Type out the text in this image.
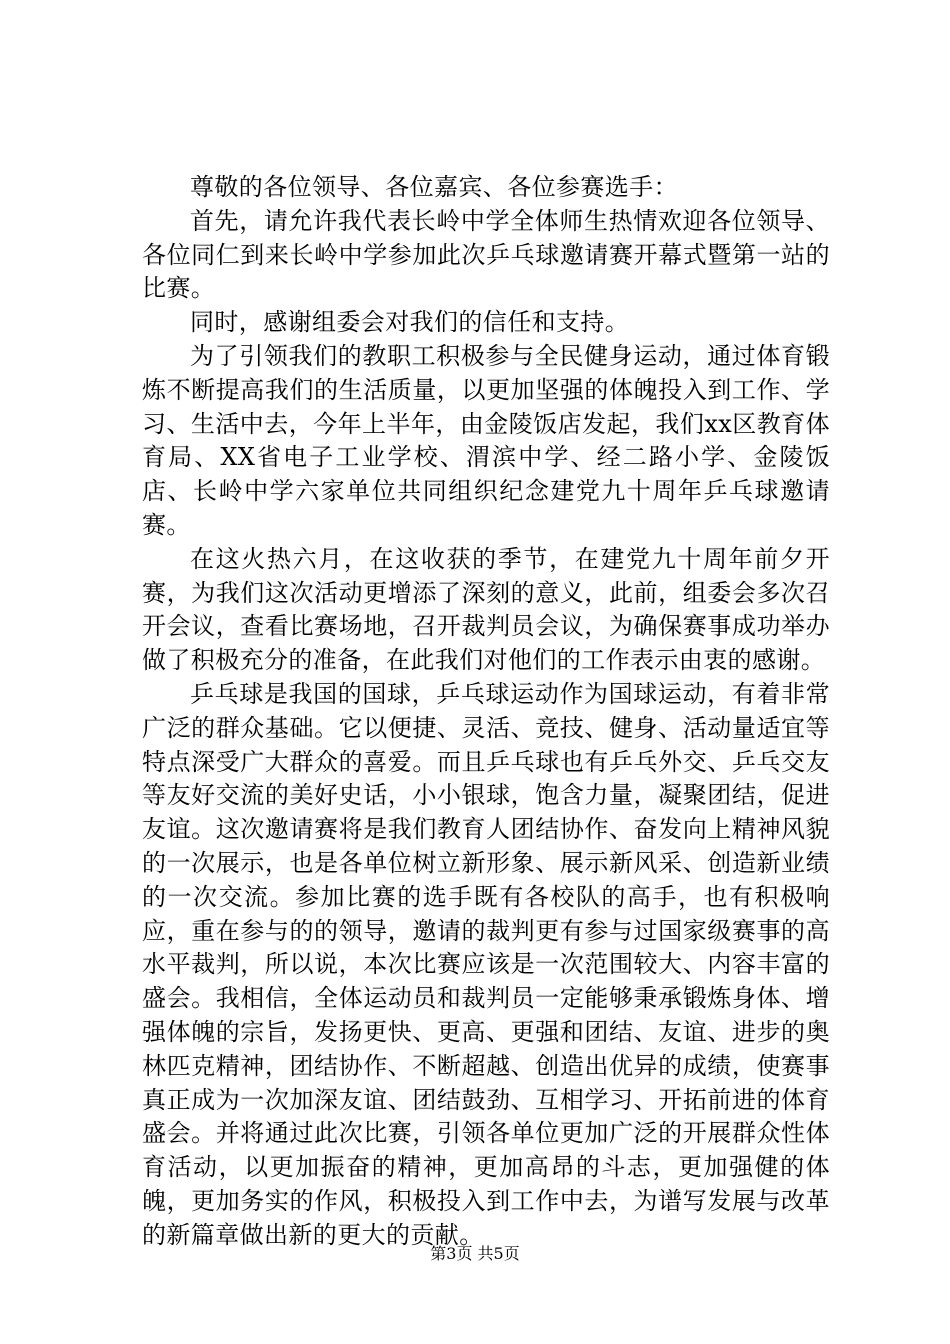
尊敬的各位领导、各位嘉宾、各位参赛选手：

首先，请允许我代表长岭中学全体师生热情欢迎各位领导、各位同仁到来长岭中学参加此次乒乓球邀请赛开幕式暨第一站的比赛。

同时，感谢组委会对我们的信任和支持。

为了引领我们的教职工积极参与全民健身运动，通过体育锻炼不断提高我们的生活质量，以更加坚强的体魄投入到工作、学习、生活中去，今年上半年，由金陵饭店发起，我们xx区教育体育局、XX省电子工业学校、渭滨中学、经二路小学、金陵饭店、长岭中学六家单位共同组织纪念建党九十周年乒乓球邀请赛。

在这火热六月，在这收获的季节，在建党九十周年前夕开赛，为我们这次活动更增添了深刻的意义，此前，组委会多次召开会议，查看比赛场地，召开裁判员会议，为确保赛事成功举办做了积极充分的准备，在此我们对他们的工作表示由衷的感谢。

乒乓球是我国的国球，乒乓球运动作为国球运动，有着非常广泛的群众基础。它以便捷、灵活、竞技、健身、活动量适宜等特点深受广大群众的喜爱。而且乒乓球也有乒乓外交、乒乓交友等友好交流的美好史话，小小银球，饱含力量，凝聚团结，促进友谊。这次邀请赛将是我们教育人团结协作、奋发向上精神风貌的一次展示，也是各单位树立新形象、展示新风采、创造新业绩的一次交流。参加比赛的选手既有各校队的高手，也有积极响应，重在参与的的领导，邀请的裁判更有参与过国家级赛事的高水平裁判，所以说，本次比赛应该是一次范围较大、内容丰富的盛会。我相信，全体运动员和裁判员一定能够秉承锻炼身体、增强体魄的宗旨，发扬更快、更高、更强和团结、友谊、进步的奥林匹克精神，团结协作、不断超越、创造出优异的成绩，使赛事真正成为一次加深友谊、团结鼓劲、互相学习、开拓前进的体育盛会。并将通过此次比赛，引领各单位更加广泛的开展群众性体育活动，以更加振奋的精神，更加高昂的斗志，更加强健的体魄，更加务实的作风，积极投入到工作中去，为谱写发展与改革的新篇章做出新的更大的贡献。

第3页 共5页
